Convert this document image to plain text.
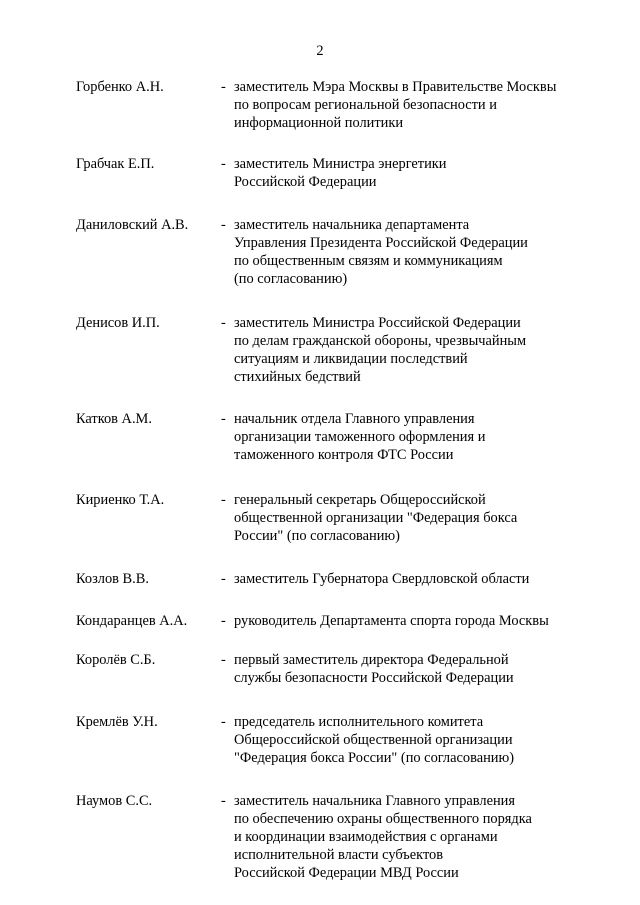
2
Горбенко А.Н.	- заместитель Мэра Москвы в Правительстве Москвы
по вопросам региональной безопасности и
информационной политики
Грабчак Е.П.	- заместитель Министра энергетики
Российской Федерации
Даниловский А.В.	- заместитель начальника департамента
Управления Президента Российской Федерации
по общественным связям и коммуникациям
(по согласованию)
Денисов И.П.	- заместитель Министра Российской Федерации
по делам гражданской обороны, чрезвычайным
ситуациям и ликвидации последствий
стихийных бедствий
Катков А.М.	- начальник отдела Главного управления
организации таможенного оформления и
таможенного контроля ФТС России
Кириенко Т.А.	- генеральный секретарь Общероссийской
общественной организации "Федерация бокса
России" (по согласованию)
Козлов В.В.	- заместитель Губернатора Свердловской области
Кондаранцев А.А.	- руководитель Департамента спорта города Москвы
Королёв С.Б.	- первый заместитель директора Федеральной
службы безопасности Российской Федерации
Кремлёв У.Н.	- председатель исполнительного комитета
Общероссийской общественной организации
"Федерация бокса России" (по согласованию)
Наумов С.С.	- заместитель начальника Главного управления
по обеспечению охраны общественного порядка
и координации взаимодействия с органами
исполнительной власти субъектов
Российской Федерации МВД России
